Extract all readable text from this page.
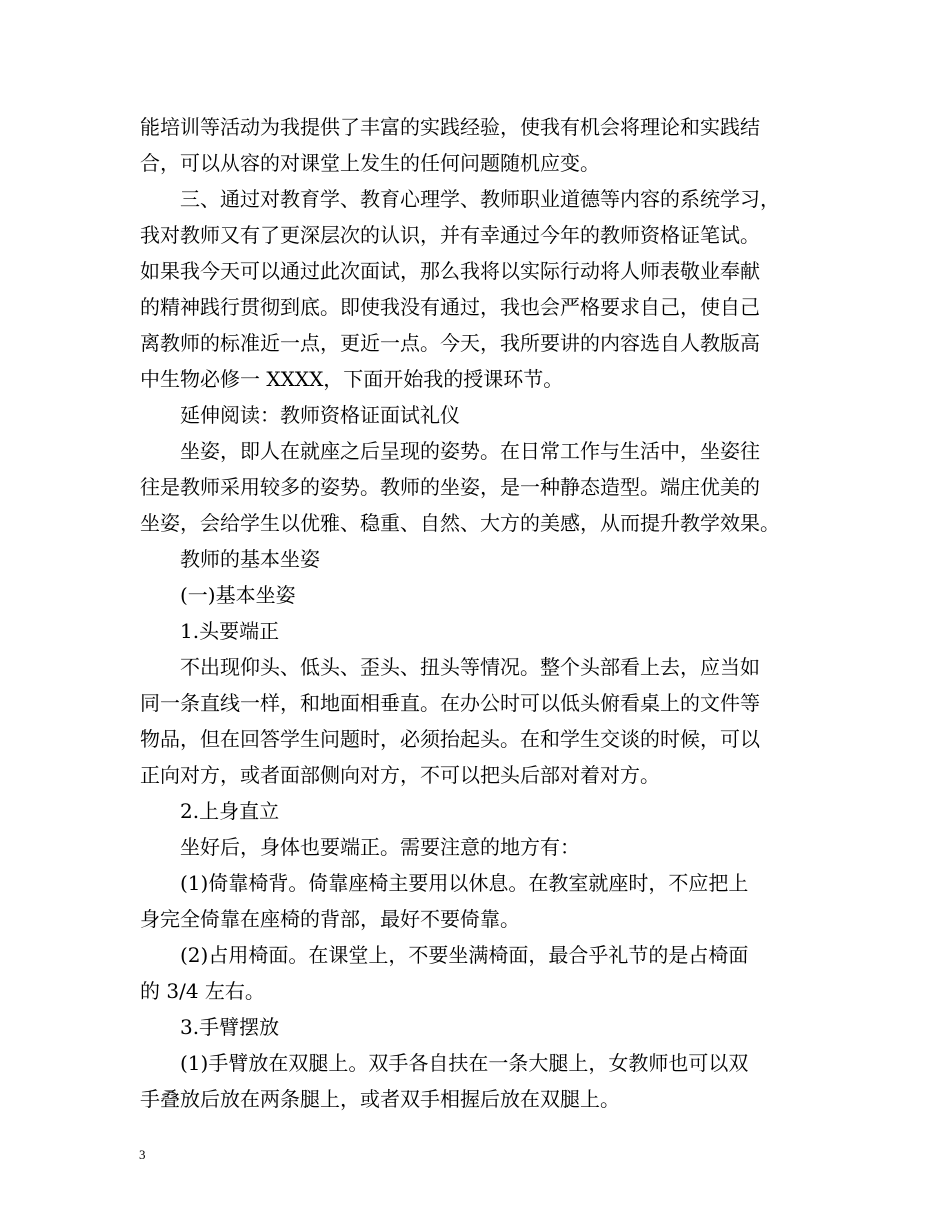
能培训等活动为我提供了丰富的实践经验，使我有机会将理论和实践结
合，可以从容的对课堂上发生的任何问题随机应变。
三、通过对教育学、教育心理学、教师职业道德等内容的系统学习，
我对教师又有了更深层次的认识，并有幸通过今年的教师资格证笔试。
如果我今天可以通过此次面试，那么我将以实际行动将人师表敬业奉献
的精神践行贯彻到底。即使我没有通过，我也会严格要求自己，使自己
离教师的标准近一点，更近一点。今天，我所要讲的内容选自人教版高
中生物必修一 XXXX，下面开始我的授课环节。
延伸阅读：教师资格证面试礼仪
坐姿，即人在就座之后呈现的姿势。在日常工作与生活中，坐姿往
往是教师采用较多的姿势。教师的坐姿，是一种静态造型。端庄优美的
坐姿，会给学生以优雅、稳重、自然、大方的美感，从而提升教学效果。
教师的基本坐姿
(一)基本坐姿
1.头要端正
不出现仰头、低头、歪头、扭头等情况。整个头部看上去，应当如
同一条直线一样，和地面相垂直。在办公时可以低头俯看桌上的文件等
物品，但在回答学生问题时，必须抬起头。在和学生交谈的时候，可以
正向对方，或者面部侧向对方，不可以把头后部对着对方。
2.上身直立
坐好后，身体也要端正。需要注意的地方有：
(1)倚靠椅背。倚靠座椅主要用以休息。在教室就座时，不应把上
身完全倚靠在座椅的背部，最好不要倚靠。
(2)占用椅面。在课堂上，不要坐满椅面，最合乎礼节的是占椅面
的 3/4 左右。
3.手臂摆放
(1)手臂放在双腿上。双手各自扶在一条大腿上，女教师也可以双
手叠放后放在两条腿上，或者双手相握后放在双腿上。
3
